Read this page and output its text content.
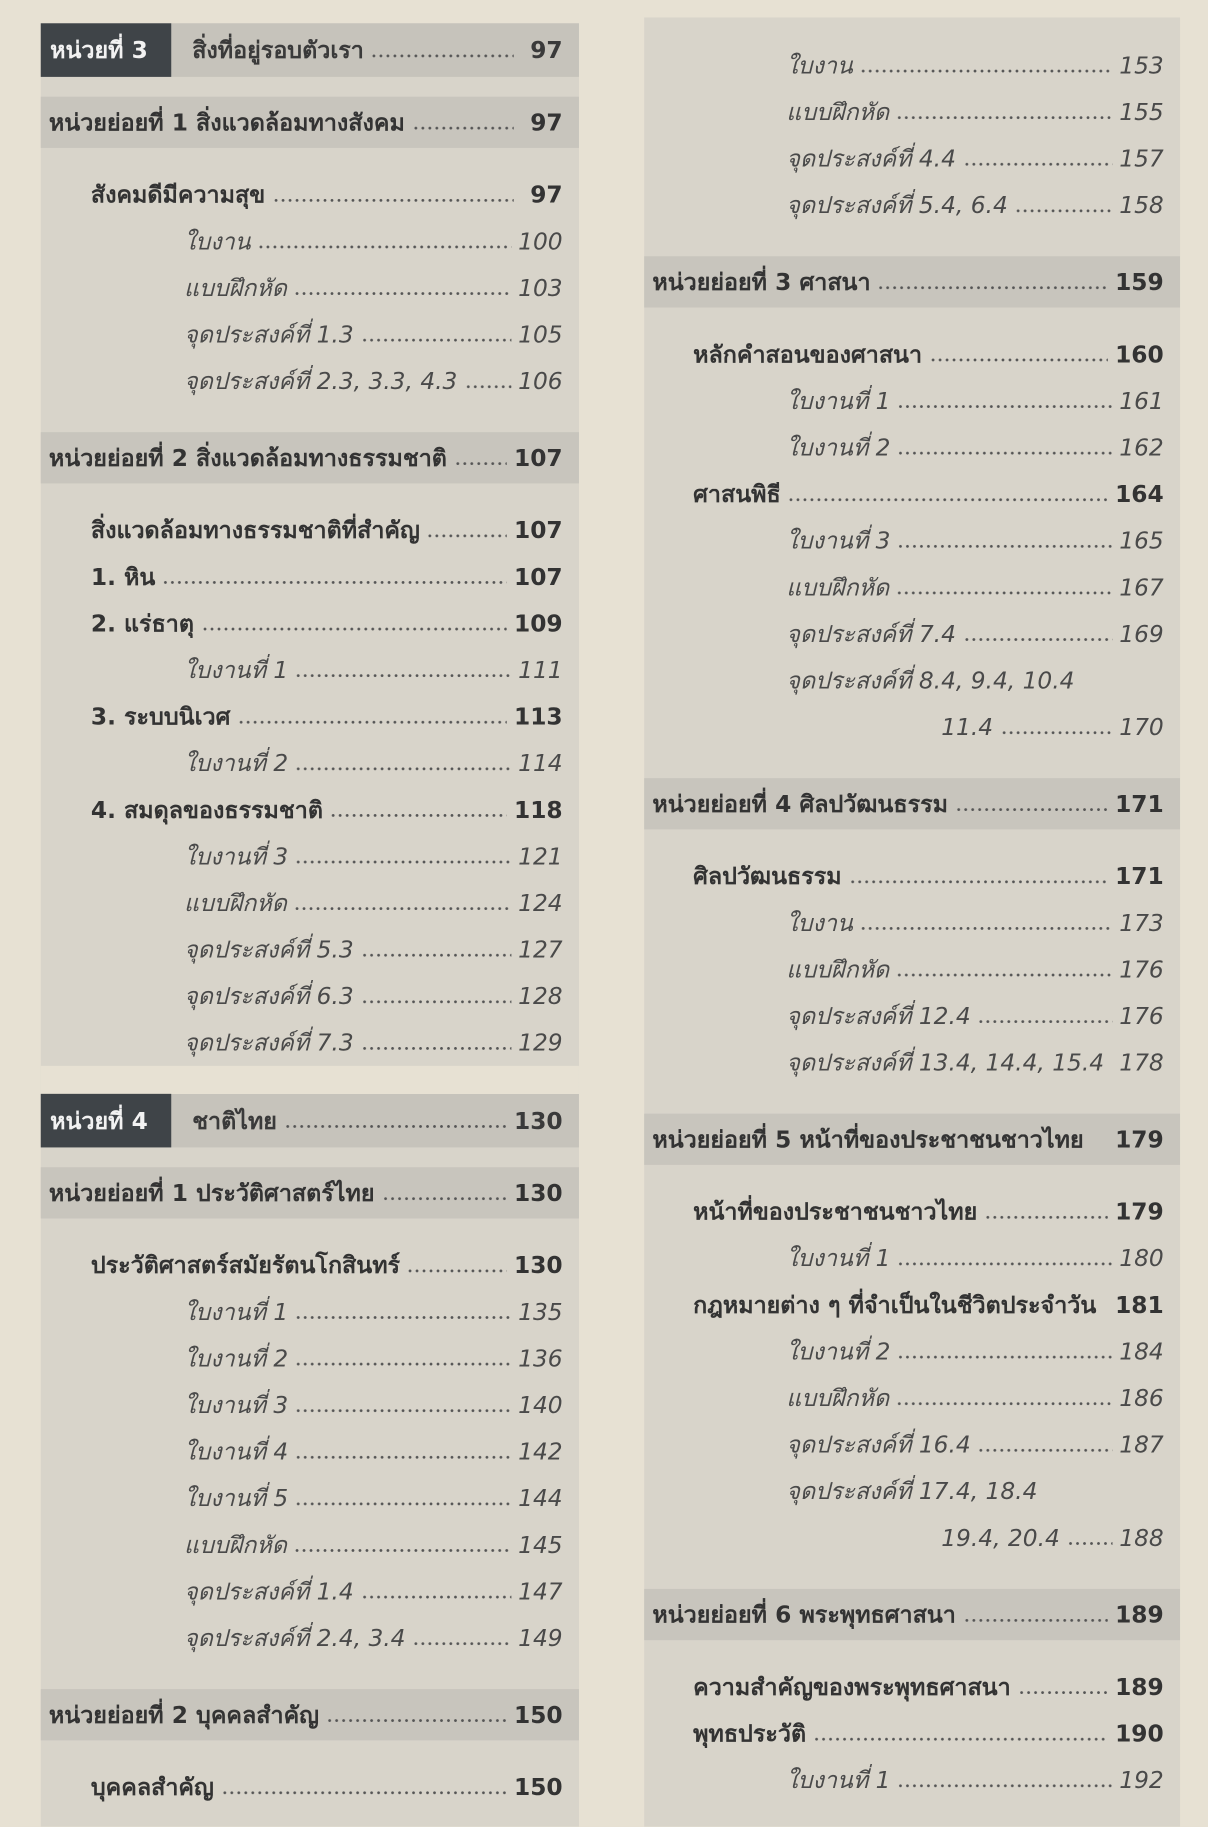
หน่วยที่ 3	สิ่งที่อยู่รอบตัวเรา	97
หน่วยย่อยที่ 1 สิ่งแวดล้อมทางสังคม	97
สังคมดีมีความสุข	97
ใบงาน	100
แบบฝึกหัด	103
จุดประสงค์ที่ 1.3	105
จุดประสงค์ที่ 2.3, 3.3, 4.3	106
หน่วยย่อยที่ 2 สิ่งแวดล้อมทางธรรมชาติ	107
สิ่งแวดล้อมทางธรรมชาติที่สำคัญ	107
1. หิน	107
2. แร่ธาตุ	109
ใบงานที่ 1	111
3. ระบบนิเวศ	113
ใบงานที่ 2	114
4. สมดุลของธรรมชาติ	118
ใบงานที่ 3	121
แบบฝึกหัด	124
จุดประสงค์ที่ 5.3	127
จุดประสงค์ที่ 6.3	128
จุดประสงค์ที่ 7.3	129
หน่วยที่ 4	ชาติไทย	130
หน่วยย่อยที่ 1 ประวัติศาสตร์ไทย	130
ประวัติศาสตร์สมัยรัตนโกสินทร์	130
ใบงานที่ 1	135
ใบงานที่ 2	136
ใบงานที่ 3	140
ใบงานที่ 4	142
ใบงานที่ 5	144
แบบฝึกหัด	145
จุดประสงค์ที่ 1.4	147
จุดประสงค์ที่ 2.4, 3.4	149
หน่วยย่อยที่ 2 บุคคลสำคัญ	150
บุคคลสำคัญ	150
ใบงาน	153
แบบฝึกหัด	155
จุดประสงค์ที่ 4.4	157
จุดประสงค์ที่ 5.4, 6.4	158
หน่วยย่อยที่ 3 ศาสนา	159
หลักคำสอนของศาสนา	160
ใบงานที่ 1	161
ใบงานที่ 2	162
ศาสนพิธี	164
ใบงานที่ 3	165
แบบฝึกหัด	167
จุดประสงค์ที่ 7.4	169
จุดประสงค์ที่ 8.4, 9.4, 10.4
11.4	170
หน่วยย่อยที่ 4 ศิลปวัฒนธรรม	171
ศิลปวัฒนธรรม	171
ใบงาน	173
แบบฝึกหัด	176
จุดประสงค์ที่ 12.4	176
จุดประสงค์ที่ 13.4, 14.4, 15.4 178
หน่วยย่อยที่ 5 หน้าที่ของประชาชนชาวไทย 179
หน้าที่ของประชาชนชาวไทย	179
ใบงานที่ 1	180
กฎหมายต่าง ๆ ที่จำเป็นในชีวิตประจำวัน 181
ใบงานที่ 2	184
แบบฝึกหัด	186
จุดประสงค์ที่ 16.4	187
จุดประสงค์ที่ 17.4, 18.4
19.4, 20.4	188
หน่วยย่อยที่ 6 พระพุทธศาสนา	189
ความสำคัญของพระพุทธศาสนา	189
พุทธประวัติ	190
ใบงานที่ 1	192
